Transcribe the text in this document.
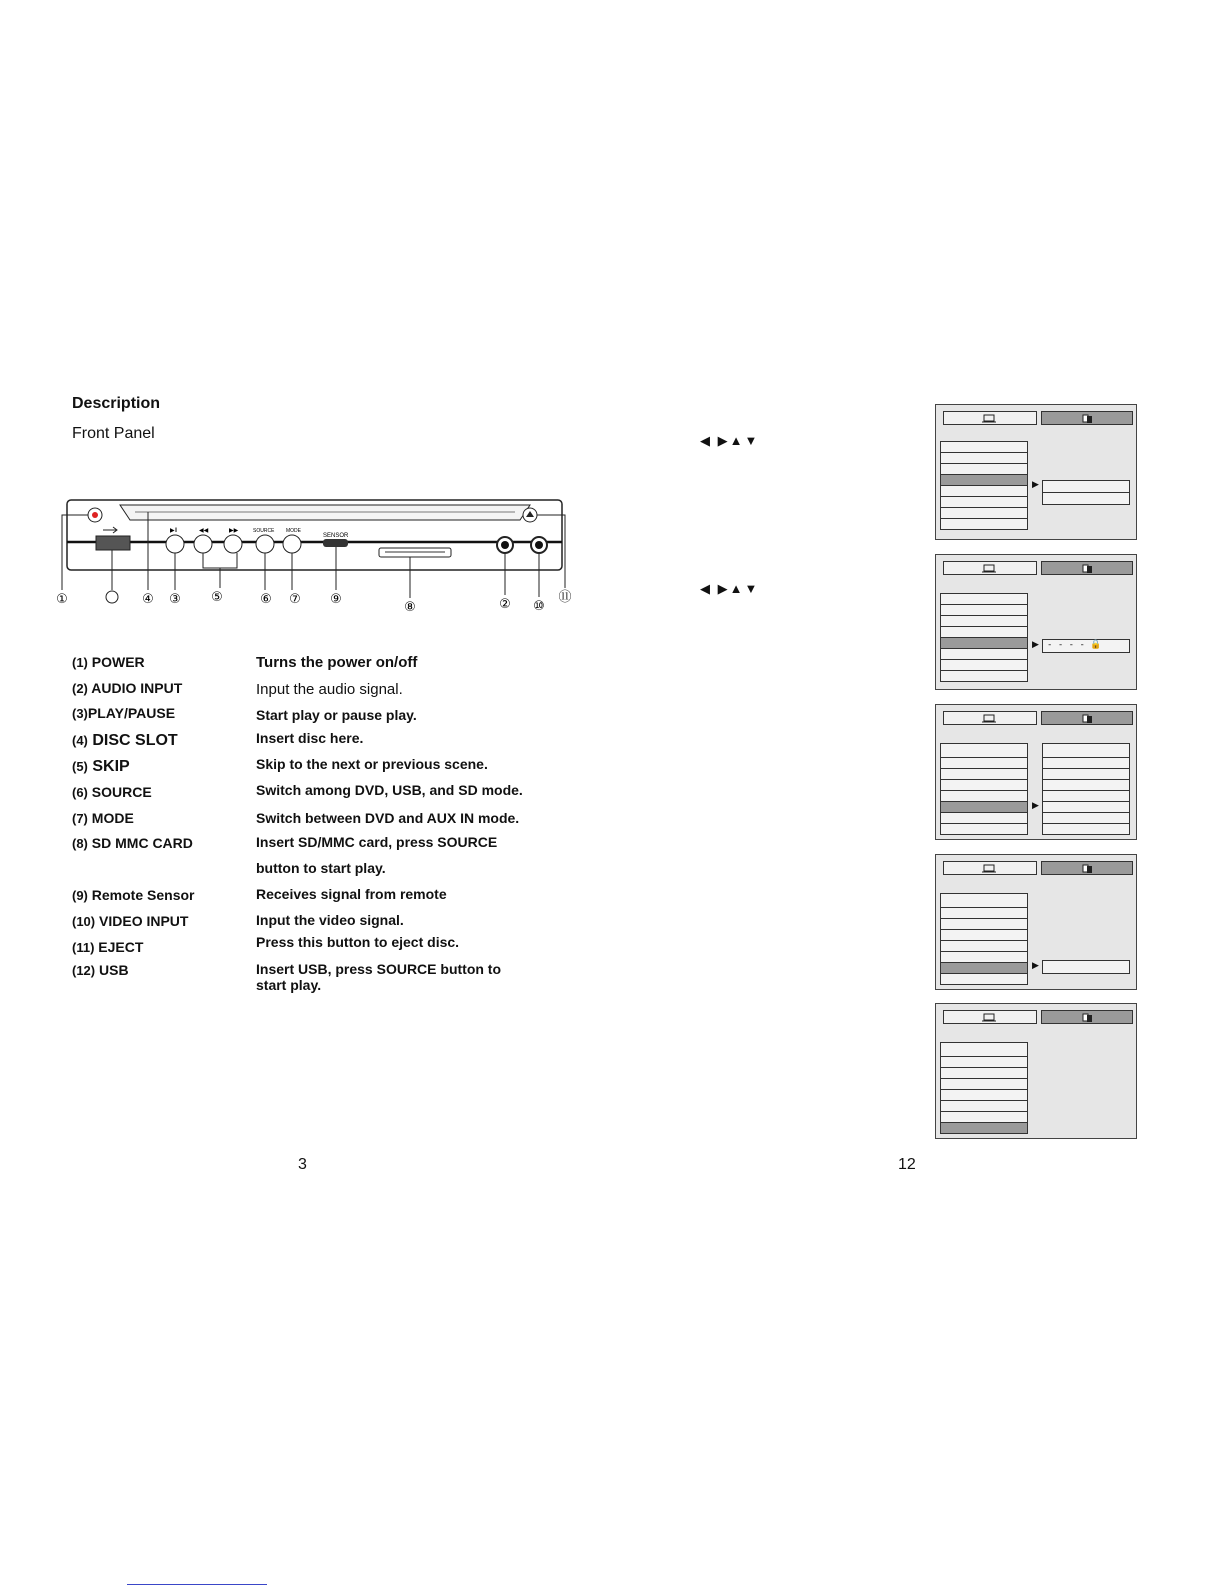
Description
Front Panel
▶‖	◀◀	▶▶	SOURCE MODE
SENSOR
①	④ ③ ⑤	⑥ ⑦ ⑨
⑧	② ⑩
⑪
(1) POWER	Turns the power on/off
(2) AUDIO INPUT	Input the audio signal.
(3)PLAY/PAUSE	Start play or pause play.
(4) DISC SLOT	Insert disc here.
(5) SKIP	Skip to the next or previous scene.
(6) SOURCE	Switch among DVD, USB, and SD mode.
(7) MODE	Switch between DVD and AUX IN mode.
(8) SD MMC CARD	Insert SD/MMC card, press SOURCE
button to start play.
(9) Remote Sensor	Receives signal from remote
(10) VIDEO INPUT	Input the video signal.
(11) EJECT	Press this button to eject disc.
(12) USB	Insert USB, press SOURCE button to
start play.
3	12
◀ ▶▲▼
◀ ▶▲▼
▶
▶ - - - - 🔒
▶
▶
